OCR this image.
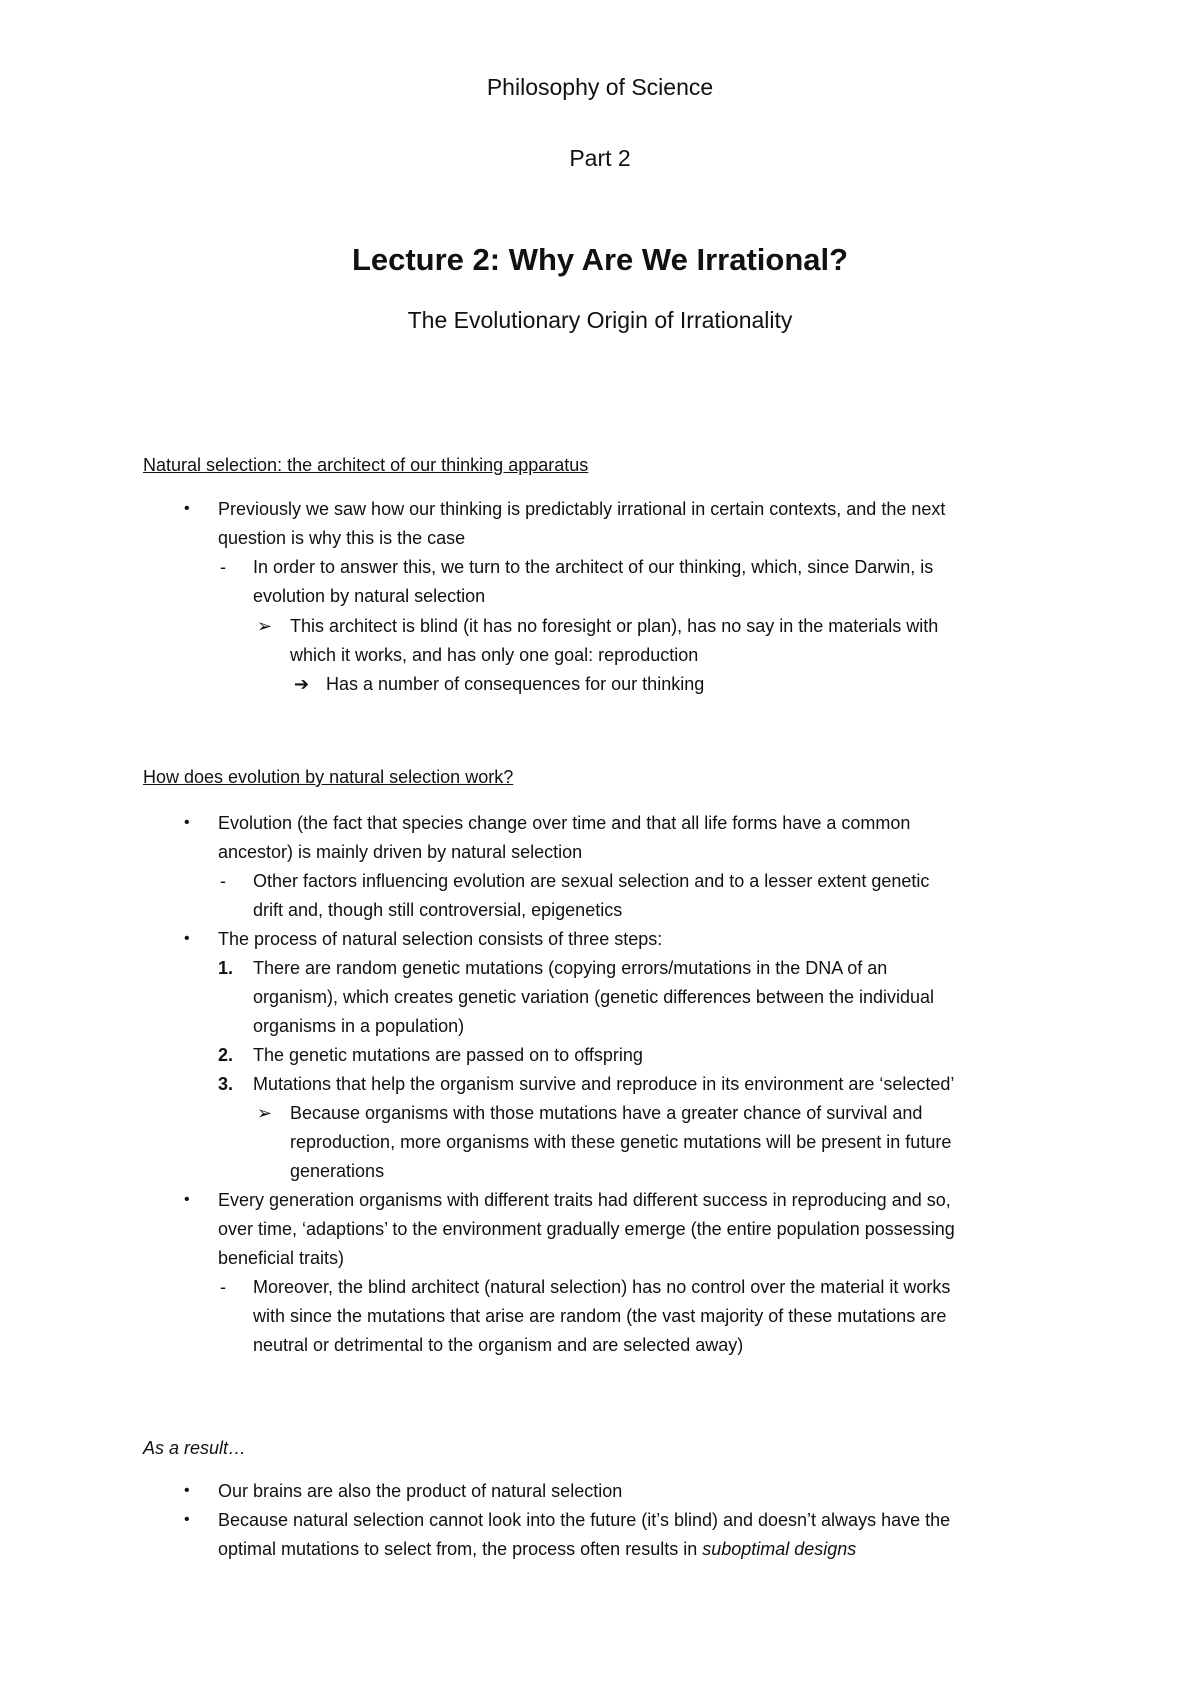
Philosophy of Science
Part 2
Lecture 2: Why Are We Irrational?
The Evolutionary Origin of Irrationality
Natural selection: the architect of our thinking apparatus
• Previously we saw how our thinking is predictably irrational in certain contexts, and the next
question is why this is the case
- In order to answer this, we turn to the architect of our thinking, which, since Darwin, is
evolution by natural selection
➢ This architect is blind (it has no foresight or plan), has no say in the materials with
which it works, and has only one goal: reproduction
➔ Has a number of consequences for our thinking
How does evolution by natural selection work?
• Evolution (the fact that species change over time and that all life forms have a common
ancestor) is mainly driven by natural selection
- Other factors influencing evolution are sexual selection and to a lesser extent genetic
drift and, though still controversial, epigenetics
• The process of natural selection consists of three steps:
1. There are random genetic mutations (copying errors/mutations in the DNA of an
organism), which creates genetic variation (genetic differences between the individual
organisms in a population)
2. The genetic mutations are passed on to offspring
3. Mutations that help the organism survive and reproduce in its environment are ‘selected’
➢ Because organisms with those mutations have a greater chance of survival and
reproduction, more organisms with these genetic mutations will be present in future
generations
• Every generation organisms with different traits had different success in reproducing and so,
over time, ‘adaptions’ to the environment gradually emerge (the entire population possessing
beneficial traits)
- Moreover, the blind architect (natural selection) has no control over the material it works
with since the mutations that arise are random (the vast majority of these mutations are
neutral or detrimental to the organism and are selected away)
As a result…
• Our brains are also the product of natural selection
• Because natural selection cannot look into the future (it’s blind) and doesn’t always have the
optimal mutations to select from, the process often results in suboptimal designs
